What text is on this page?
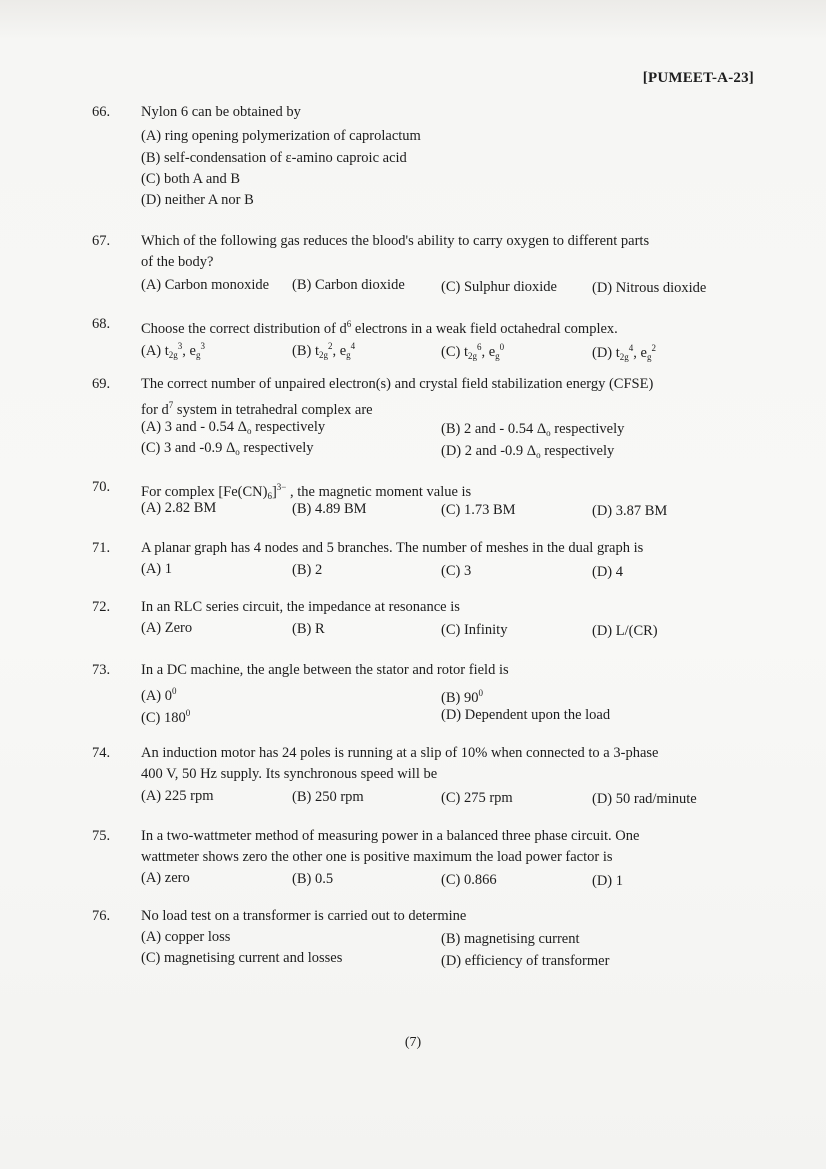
[PUMEET-A-23]
66. Nylon 6 can be obtained by
(A) ring opening polymerization of caprolactum
(B) self-condensation of ε-amino caproic acid
(C) both A and B
(D) neither A nor B
67. Which of the following gas reduces the blood's ability to carry oxygen to different parts
of the body?
(A) Carbon monoxide (B) Carbon dioxide (C) Sulphur dioxide (D) Nitrous dioxide
68. Choose the correct distribution of $d^6$ electrons in a weak field octahedral complex.
(A) $t_{2g}^3$, $e_g^3$	(B) $t_{2g}^2$, $e_g^4$	(C) $t_{2g}^6$, $e_g^0$	(D) $t_{2g}^4$, $e_g^2$
69. The correct number of unpaired electron(s) and crystal field stabilization energy (CFSE)
for $d^7$ system in tetrahedral complex are
(A) 3 and - 0.54 $\Delta_o$ respectively	(B) 2 and - 0.54 $\Delta_o$ respectively
(C) 3 and -0.9 $\Delta_o$ respectively	(D) 2 and -0.9 $\Delta_o$ respectively
70. For complex $[Fe(CN)_6]^{3-}$ , the magnetic moment value is
(A) 2.82 BM	(B) 4.89 BM	(C) 1.73 BM	(D) 3.87 BM
71. A planar graph has 4 nodes and 5 branches. The number of meshes in the dual graph is
(A) 1	(B) 2	(C) 3	(D) 4
72. In an RLC series circuit, the impedance at resonance is
(A) Zero	(B) R	(C) Infinity	(D) L/(CR)
73. In a DC machine, the angle between the stator and rotor field is
(A) $0^0$	(B) $90^0$
(C) $180^0$	(D) Dependent upon the load
74. An induction motor has 24 poles is running at a slip of 10% when connected to a 3-phase
400 V, 50 Hz supply. Its synchronous speed will be
(A) 225 rpm	(B) 250 rpm	(C) 275 rpm	(D) 50 rad/minute
75. In a two-wattmeter method of measuring power in a balanced three phase circuit. One
wattmeter shows zero the other one is positive maximum the load power factor is
(A) zero	(B) 0.5	(C) 0.866	(D) 1
76. No load test on a transformer is carried out to determine
(A) copper loss	(B) magnetising current
(C) magnetising current and losses	(D) efficiency of transformer
(7)
